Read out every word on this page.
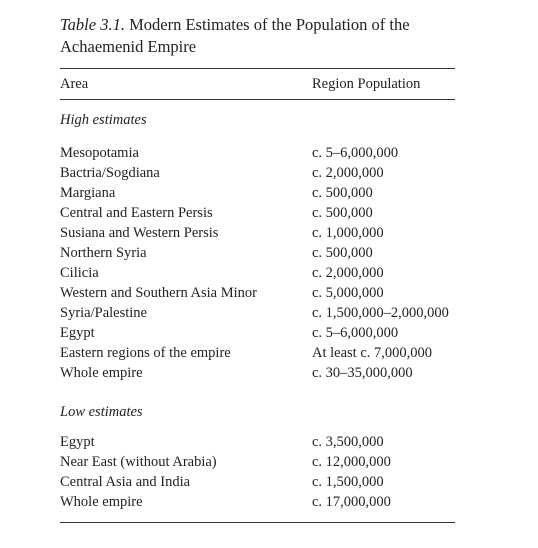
Table 3.1. Modern Estimates of the Population of the Achaemenid Empire

Area	Region Population
High estimates
Mesopotamia	c. 5–6,000,000
Bactria/Sogdiana	c. 2,000,000
Margiana	c. 500,000
Central and Eastern Persis	c. 500,000
Susiana and Western Persis	c. 1,000,000
Northern Syria	c. 500,000
Cilicia	c. 2,000,000
Western and Southern Asia Minor	c. 5,000,000
Syria/Palestine	c. 1,500,000–2,000,000
Egypt	c. 5–6,000,000
Eastern regions of the empire	At least c. 7,000,000
Whole empire	c. 30–35,000,000
Low estimates
Egypt	c. 3,500,000
Near East (without Arabia)	c. 12,000,000
Central Asia and India	c. 1,500,000
Whole empire	c. 17,000,000
